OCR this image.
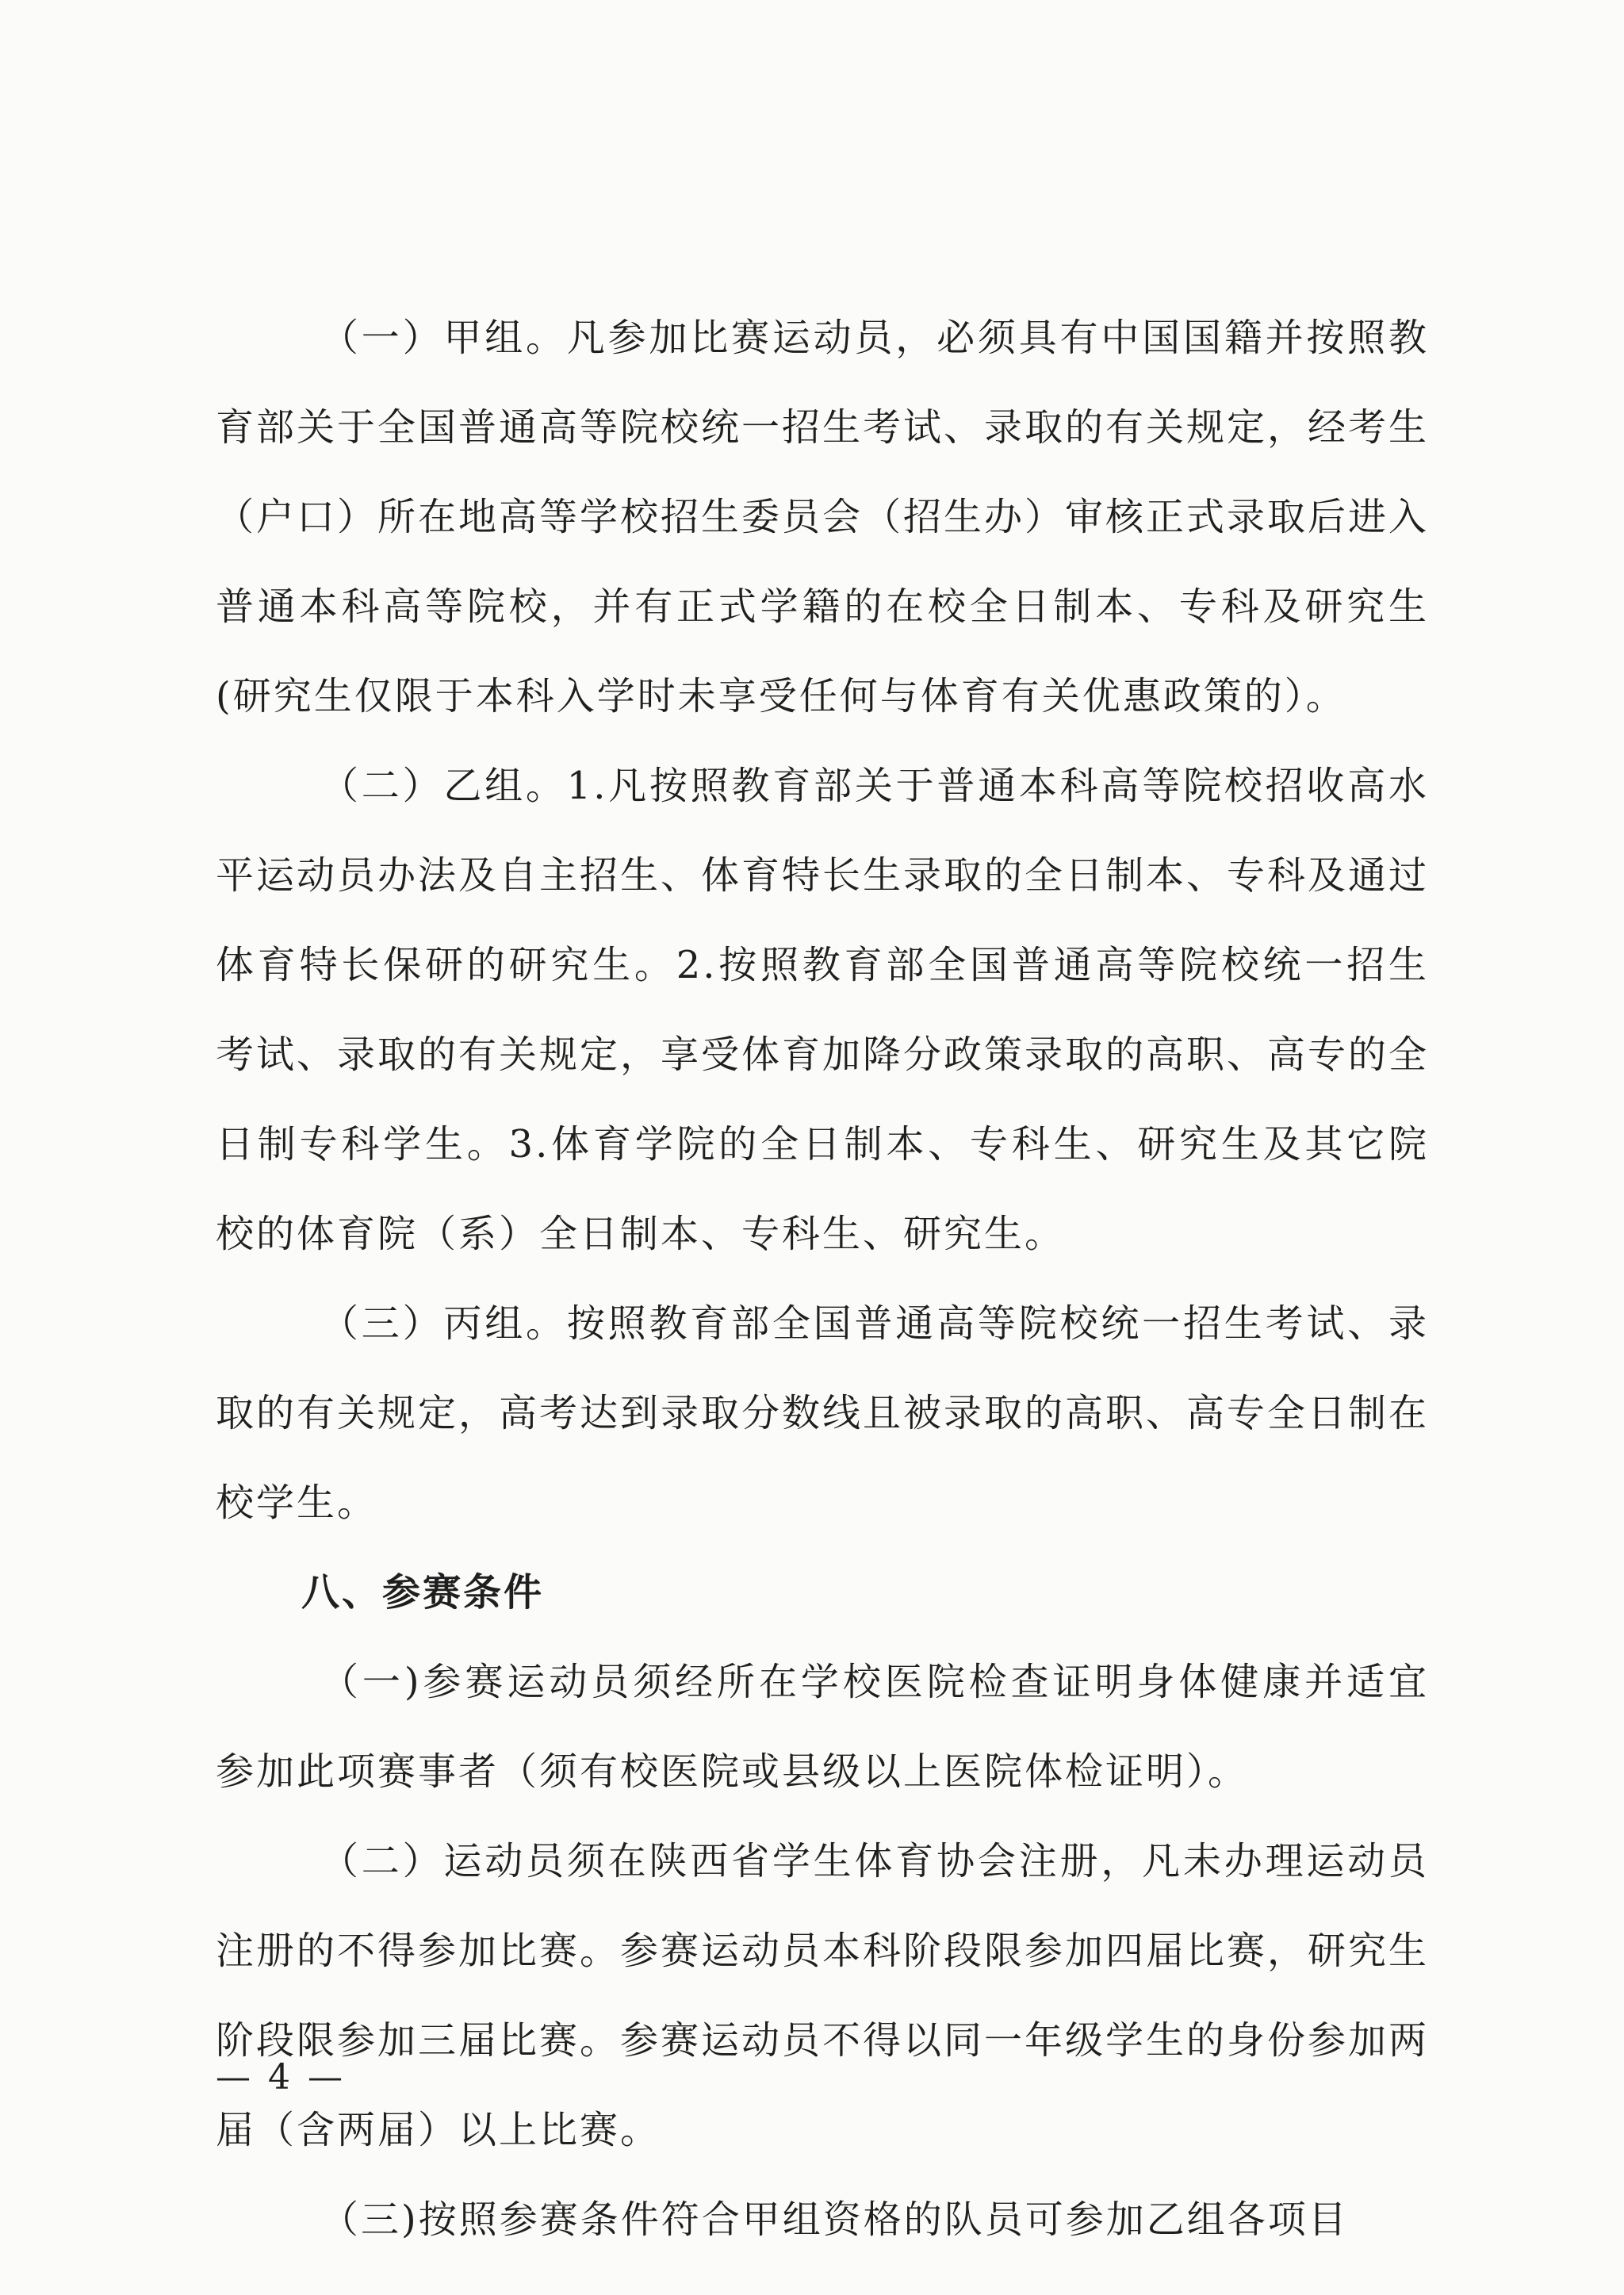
（一）甲组。凡参加比赛运动员，必须具有中国国籍并按照教育部关于全国普通高等院校统一招生考试、录取的有关规定，经考生（户口）所在地高等学校招生委员会（招生办）审核正式录取后进入普通本科高等院校，并有正式学籍的在校全日制本、专科及研究生(研究生仅限于本科入学时未享受任何与体育有关优惠政策的）。

（二）乙组。1.凡按照教育部关于普通本科高等院校招收高水平运动员办法及自主招生、体育特长生录取的全日制本、专科及通过体育特长保研的研究生。2.按照教育部全国普通高等院校统一招生考试、录取的有关规定，享受体育加降分政策录取的高职、高专的全日制专科学生。3.体育学院的全日制本、专科生、研究生及其它院校的体育院（系）全日制本、专科生、研究生。

（三）丙组。按照教育部全国普通高等院校统一招生考试、录取的有关规定，高考达到录取分数线且被录取的高职、高专全日制在校学生。

八、参赛条件

（一)参赛运动员须经所在学校医院检查证明身体健康并适宜参加此项赛事者（须有校医院或县级以上医院体检证明）。

（二）运动员须在陕西省学生体育协会注册，凡未办理运动员注册的不得参加比赛。参赛运动员本科阶段限参加四届比赛，研究生阶段限参加三届比赛。参赛运动员不得以同一年级学生的身份参加两届（含两届）以上比赛。

（三)按照参赛条件符合甲组资格的队员可参加乙组各项目

— 4 —
